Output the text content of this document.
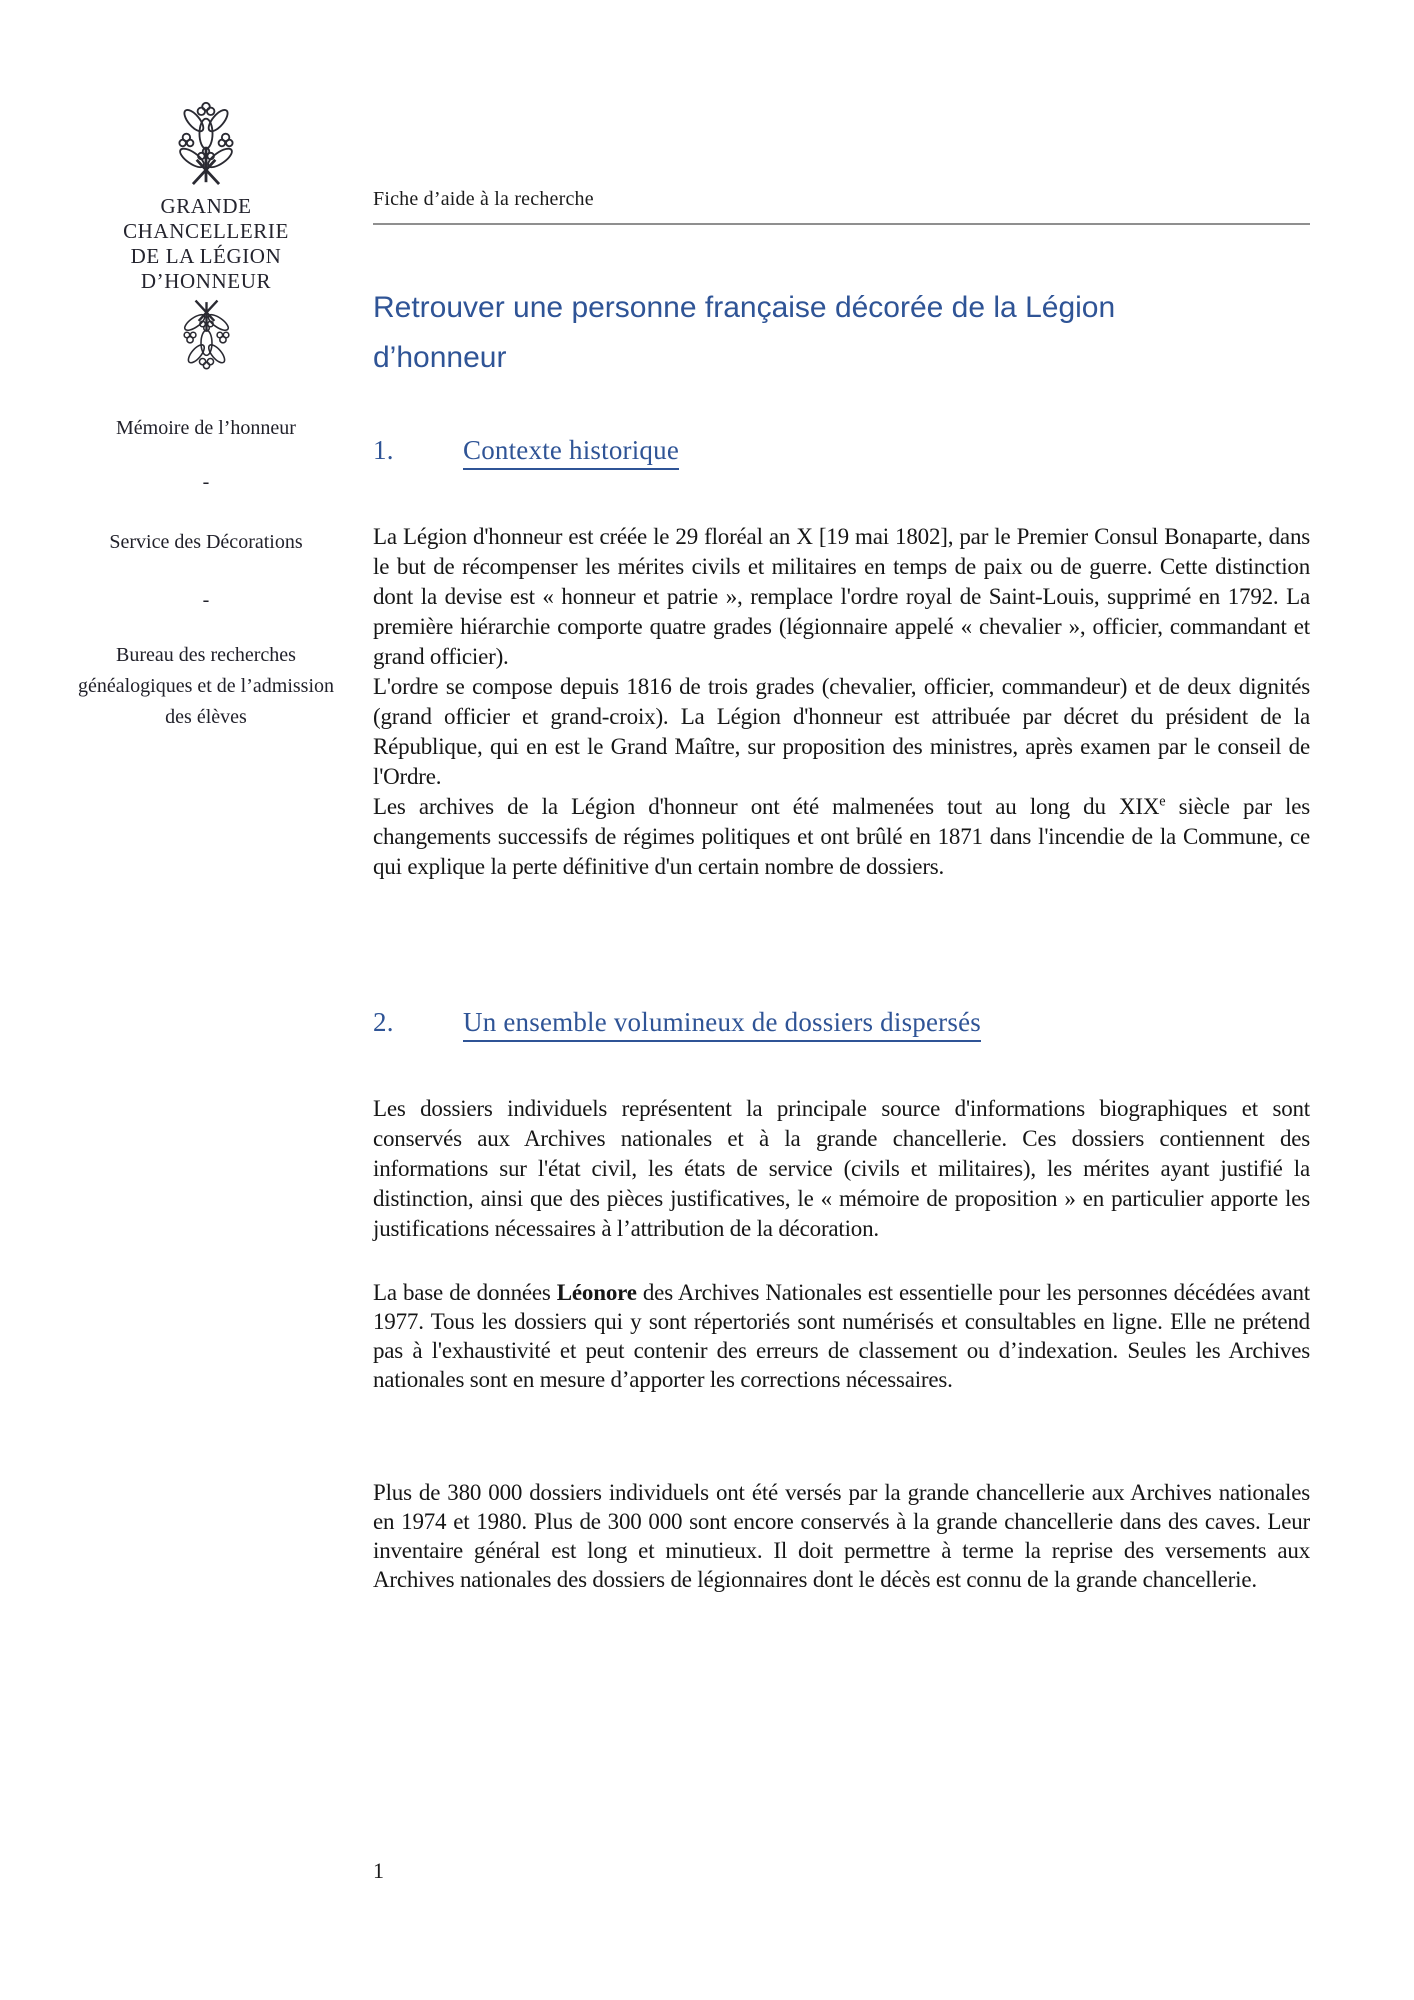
GRANDE
CHANCELLERIE
DE LA LÉGION
D’HONNEUR
Mémoire de l’honneur
-
Service des Décorations
-
Bureau des recherches généalogiques et de l’admission des élèves
Fiche d’aide à la recherche
Retrouver une personne française décorée de la Légion
d’honneur
1.	Contexte historique

La Légion d'honneur est créée le 29 floréal an X [19 mai 1802], par le Premier Consul Bonaparte, dans le but de récompenser les mérites civils et militaires en temps de paix ou de guerre. Cette distinction dont la devise est « honneur et patrie », remplace l'ordre royal de Saint-Louis, supprimé en 1792. La première hiérarchie comporte quatre grades (légionnaire appelé « chevalier », officier, commandant et grand officier).

L'ordre se compose depuis 1816 de trois grades (chevalier, officier, commandeur) et de deux dignités (grand officier et grand-croix). La Légion d'honneur est attribuée par décret du président de la République, qui en est le Grand Maître, sur proposition des ministres, après examen par le conseil de l'Ordre.

Les archives de la Légion d'honneur ont été malmenées tout au long du XIXe siècle par les changements successifs de régimes politiques et ont brûlé en 1871 dans l'incendie de la Commune, ce qui explique la perte définitive d'un certain nombre de dossiers.

2.	Un ensemble volumineux de dossiers dispersés

Les dossiers individuels représentent la principale source d'informations biographiques et sont conservés aux Archives nationales et à la grande chancellerie. Ces dossiers contiennent des informations sur l'état civil, les états de service (civils et militaires), les mérites ayant justifié la distinction, ainsi que des pièces justificatives, le « mémoire de proposition » en particulier apporte les justifications nécessaires à l’attribution de la décoration.

La base de données Léonore des Archives Nationales est essentielle pour les personnes décédées avant 1977. Tous les dossiers qui y sont répertoriés sont numérisés et consultables en ligne. Elle ne prétend pas à l'exhaustivité et peut contenir des erreurs de classement ou d’indexation. Seules les Archives nationales sont en mesure d’apporter les corrections nécessaires.

Plus de 380 000 dossiers individuels ont été versés par la grande chancellerie aux Archives nationales en 1974 et 1980. Plus de 300 000 sont encore conservés à la grande chancellerie dans des caves. Leur inventaire général est long et minutieux. Il doit permettre à terme la reprise des versements aux Archives nationales des dossiers de légionnaires dont le décès est connu de la grande chancellerie.

1
